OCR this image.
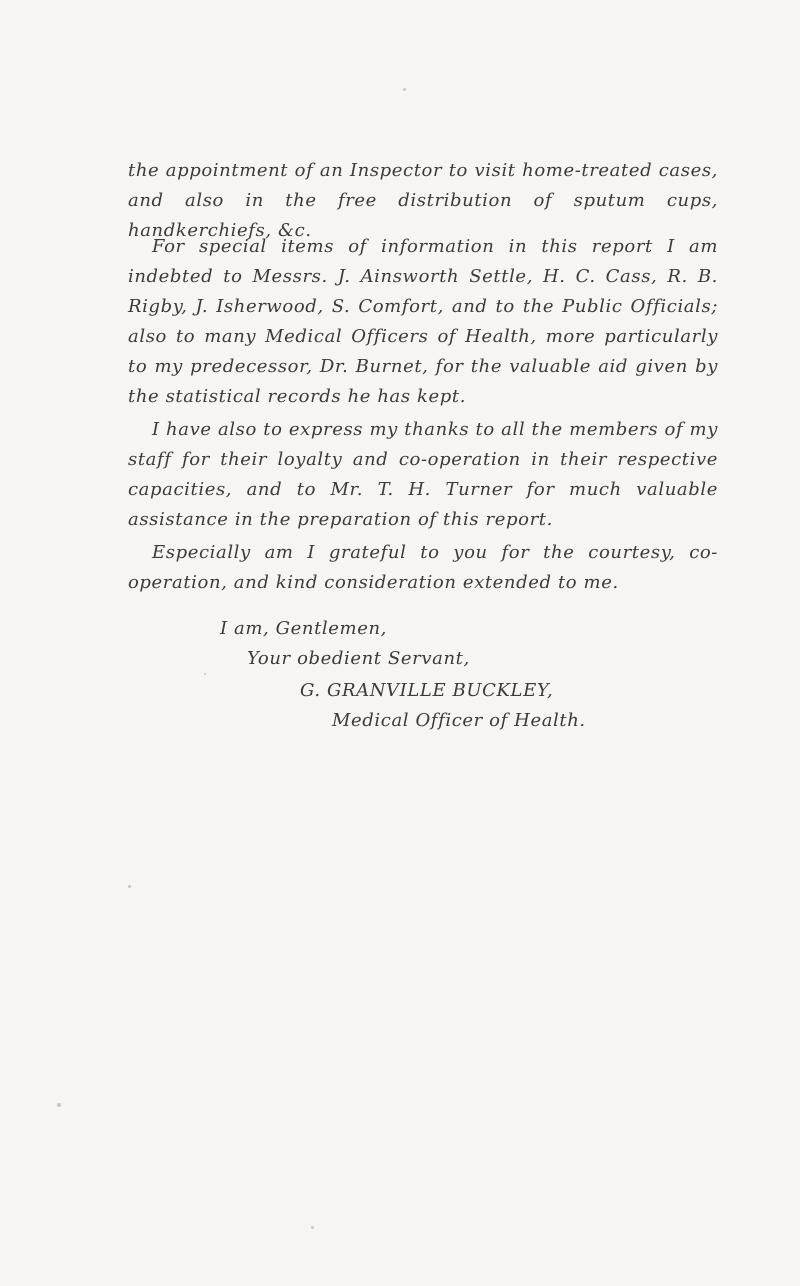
the appointment of an Inspector to visit home-treated cases, and also in the free distribution of sputum cups, handkerchiefs, &c.

For special items of information in this report I am indebted to Messrs. J. Ainsworth Settle, H. C. Cass, R. B. Rigby, J. Isherwood, S. Comfort, and to the Public Officials; also to many Medical Officers of Health, more particularly to my predecessor, Dr. Burnet, for the valuable aid given by the statistical records he has kept.

I have also to express my thanks to all the members of my staff for their loyalty and co-operation in their respective capacities, and to Mr. T. H. Turner for much valuable assistance in the preparation of this report.

Especially am I grateful to you for the courtesy, co-operation, and kind consideration extended to me.

I am, Gentlemen,

Your obedient Servant,

G. GRANVILLE BUCKLEY,

Medical Officer of Health.
